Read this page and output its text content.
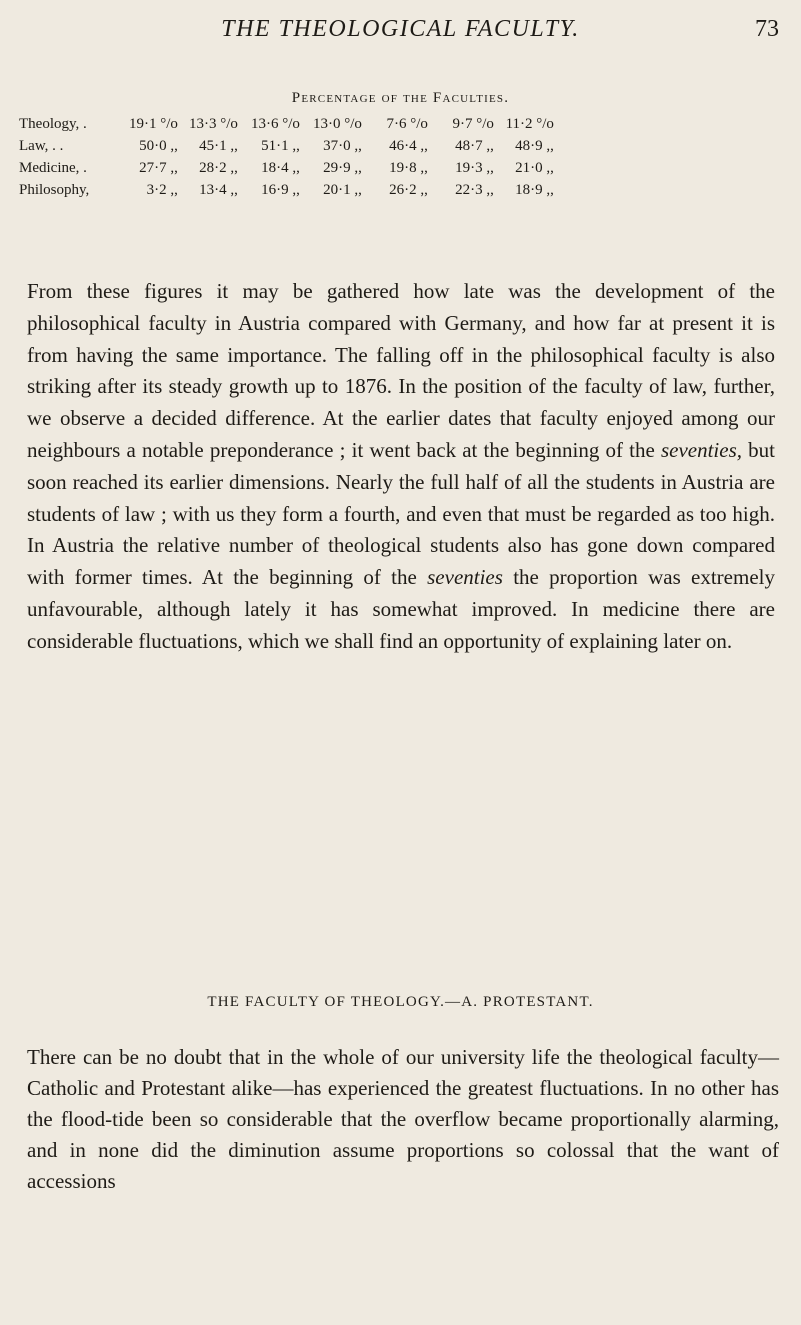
THE THEOLOGICAL FACULTY.	73
Percentage of the Faculties.
Theology, .	19·1 °/o	13·3 °/o	13·6 °/o	13·0 °/o	7·6 °/o	9·7 °/o	11·2 °/o
Law, . .	50·0 ,,	45·1 ,,	51·1 ,,	37·0 ,,	46·4 ,,	48·7 ,,	48·9 ,,
Medicine, .	27·7 ,,	28·2 ,,	18·4 ,,	29·9 ,,	19·8 ,,	19·3 ,,	21·0 ,,
Philosophy,	3·2 ,,	13·4 ,,	16·9 ,,	20·1 ,,	26·2 ,,	22·3 ,,	18·9 ,,

From these figures it may be gathered how late was the development of the philosophical faculty in Austria compared with Germany, and how far at present it is from having the same importance. The falling off in the philosophical faculty is also striking after its steady growth up to 1876. In the position of the faculty of law, further, we observe a decided difference. At the earlier dates that faculty enjoyed among our neighbours a notable preponderance ; it went back at the beginning of the seventies, but soon reached its earlier dimensions. Nearly the full half of all the students in Austria are students of law ; with us they form a fourth, and even that must be regarded as too high. In Austria the relative number of theological students also has gone down compared with former times. At the beginning of the seventies the proportion was extremely unfavourable, although lately it has somewhat improved. In medicine there are considerable fluctuations, which we shall find an opportunity of explaining later on.

THE FACULTY OF THEOLOGY.—A. PROTESTANT.

There can be no doubt that in the whole of our university life the theological faculty—Catholic and Protestant alike—has experienced the greatest fluctuations. In no other has the flood-tide been so considerable that the overflow became proportionally alarming, and in none did the diminution assume proportions so colossal that the want of accessions
